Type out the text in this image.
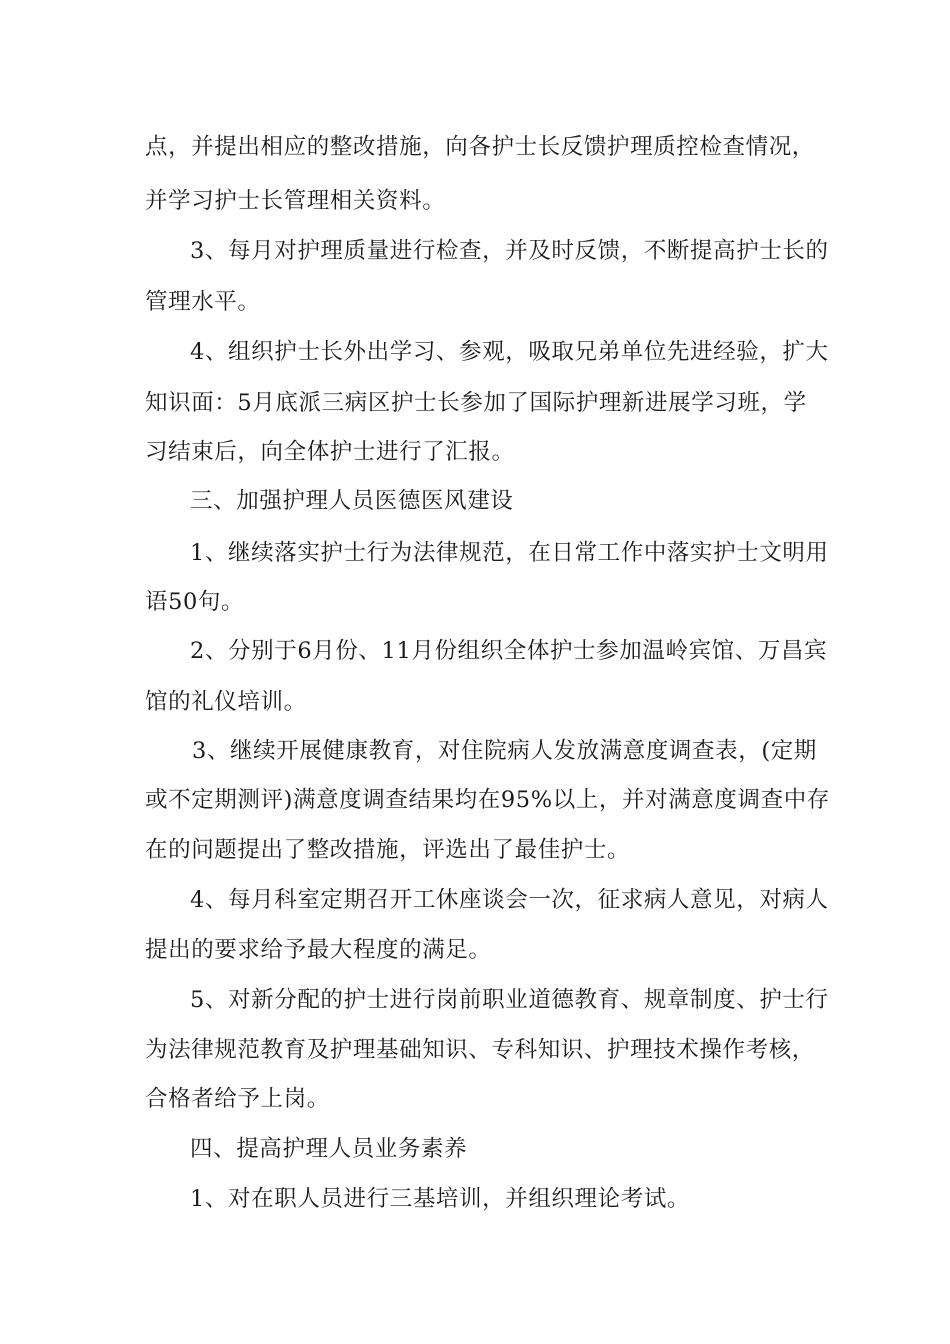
点，并提出相应的整改措施，向各护士长反馈护理质控检查情况，
并学习护士长管理相关资料。
3、每月对护理质量进行检查，并及时反馈，不断提高护士长的
管理水平。
4、组织护士长外出学习、参观，吸取兄弟单位先进经验，扩大
知识面：5月底派三病区护士长参加了国际护理新进展学习班，学
习结束后，向全体护士进行了汇报。
三、加强护理人员医德医风建设
1、继续落实护士行为法律规范，在日常工作中落实护士文明用
语50句。
2、分别于6月份、11月份组织全体护士参加温岭宾馆、万昌宾
馆的礼仪培训。
3、继续开展健康教育，对住院病人发放满意度调查表，(定期
或不定期测评)满意度调查结果均在95%以上，并对满意度调查中存
在的问题提出了整改措施，评选出了最佳护士。
4、每月科室定期召开工休座谈会一次，征求病人意见，对病人
提出的要求给予最大程度的满足。
5、对新分配的护士进行岗前职业道德教育、规章制度、护士行
为法律规范教育及护理基础知识、专科知识、护理技术操作考核，
合格者给予上岗。
四、提高护理人员业务素养
1、对在职人员进行三基培训，并组织理论考试。
